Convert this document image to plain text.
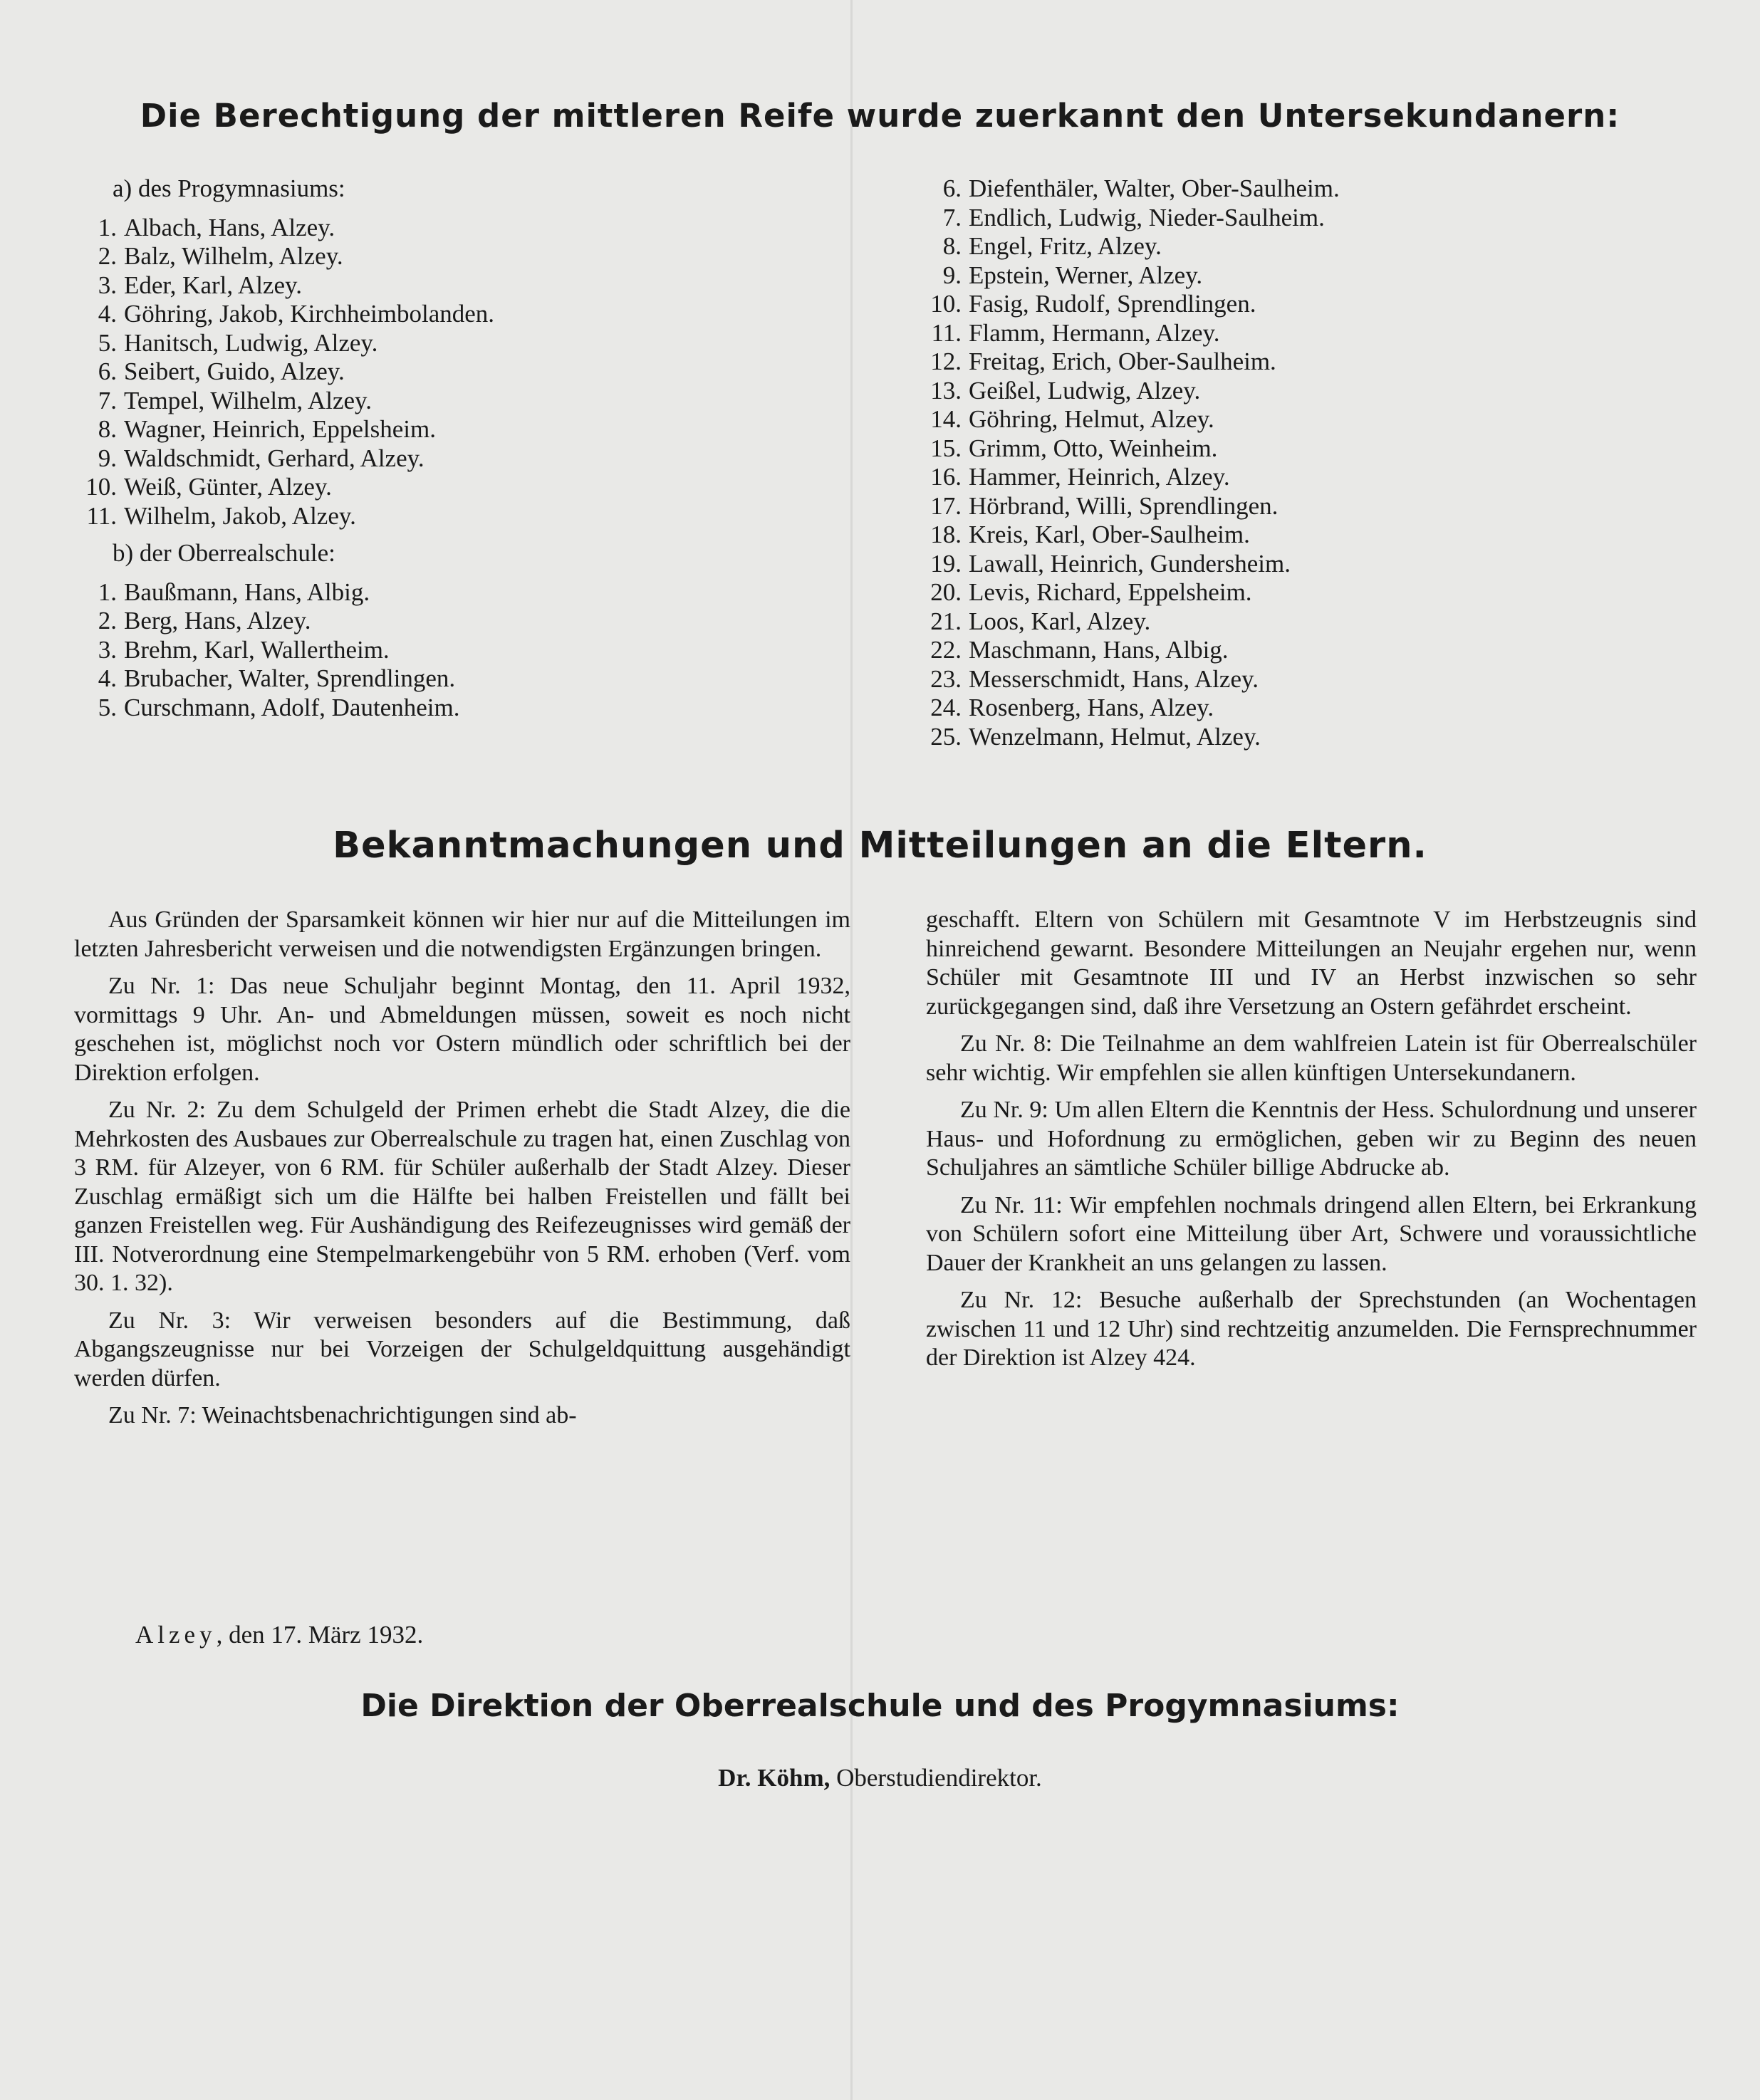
Die Berechtigung der mittleren Reife wurde zuerkannt den Untersekundanern:
a) des Progymnasiums:
1. Albach, Hans, Alzey.
2. Balz, Wilhelm, Alzey.
3. Eder, Karl, Alzey.
4. Göhring, Jakob, Kirchheimbolanden.
5. Hanitsch, Ludwig, Alzey.
6. Seibert, Guido, Alzey.
7. Tempel, Wilhelm, Alzey.
8. Wagner, Heinrich, Eppelsheim.
9. Waldschmidt, Gerhard, Alzey.
10. Weiß, Günter, Alzey.
11. Wilhelm, Jakob, Alzey.
b) der Oberrealschule:
1. Baußmann, Hans, Albig.
2. Berg, Hans, Alzey.
3. Brehm, Karl, Wallertheim.
4. Brubacher, Walter, Sprendlingen.
5. Curschmann, Adolf, Dautenheim.
6. Diefenthäler, Walter, Ober-Saulheim.
7. Endlich, Ludwig, Nieder-Saulheim.
8. Engel, Fritz, Alzey.
9. Epstein, Werner, Alzey.
10. Fasig, Rudolf, Sprendlingen.
11. Flamm, Hermann, Alzey.
12. Freitag, Erich, Ober-Saulheim.
13. Geißel, Ludwig, Alzey.
14. Göhring, Helmut, Alzey.
15. Grimm, Otto, Weinheim.
16. Hammer, Heinrich, Alzey.
17. Hörbrand, Willi, Sprendlingen.
18. Kreis, Karl, Ober-Saulheim.
19. Lawall, Heinrich, Gundersheim.
20. Levis, Richard, Eppelsheim.
21. Loos, Karl, Alzey.
22. Maschmann, Hans, Albig.
23. Messerschmidt, Hans, Alzey.
24. Rosenberg, Hans, Alzey.
25. Wenzelmann, Helmut, Alzey.
Bekanntmachungen und Mitteilungen an die Eltern.

Aus Gründen der Sparsamkeit können wir hier nur auf die Mitteilungen im letzten Jahresbericht verweisen und die notwendigsten Ergänzungen bringen.

Zu Nr. 1: Das neue Schuljahr beginnt Montag, den 11. April 1932, vormittags 9 Uhr. An- und Abmeldungen müssen, soweit es noch nicht geschehen ist, möglichst noch vor Ostern mündlich oder schriftlich bei der Direktion erfolgen.

Zu Nr. 2: Zu dem Schulgeld der Primen erhebt die Stadt Alzey, die die Mehrkosten des Ausbaues zur Oberrealschule zu tragen hat, einen Zuschlag von 3 RM. für Alzeyer, von 6 RM. für Schüler außerhalb der Stadt Alzey. Dieser Zuschlag ermäßigt sich um die Hälfte bei halben Freistellen und fällt bei ganzen Freistellen weg. Für Aushändigung des Reifezeugnisses wird gemäß der III. Notverordnung eine Stempelmarkengebühr von 5 RM. erhoben (Verf. vom 30. 1. 32).

Zu Nr. 3: Wir verweisen besonders auf die Bestimmung, daß Abgangszeugnisse nur bei Vorzeigen der Schulgeldquittung ausgehändigt werden dürfen.

Zu Nr. 7: Weinachtsbenachrichtigungen sind ab-

geschafft. Eltern von Schülern mit Gesamtnote V im Herbstzeugnis sind hinreichend gewarnt. Besondere Mitteilungen an Neujahr ergehen nur, wenn Schüler mit Gesamtnote III und IV an Herbst inzwischen so sehr zurückgegangen sind, daß ihre Versetzung an Ostern gefährdet erscheint.

Zu Nr. 8: Die Teilnahme an dem wahlfreien Latein ist für Oberrealschüler sehr wichtig. Wir empfehlen sie allen künftigen Untersekundanern.

Zu Nr. 9: Um allen Eltern die Kenntnis der Hess. Schulordnung und unserer Haus- und Hofordnung zu ermöglichen, geben wir zu Beginn des neuen Schuljahres an sämtliche Schüler billige Abdrucke ab.

Zu Nr. 11: Wir empfehlen nochmals dringend allen Eltern, bei Erkrankung von Schülern sofort eine Mitteilung über Art, Schwere und voraussichtliche Dauer der Krankheit an uns gelangen zu lassen.

Zu Nr. 12: Besuche außerhalb der Sprechstunden (an Wochentagen zwischen 11 und 12 Uhr) sind rechtzeitig anzumelden. Die Fernsprechnummer der Direktion ist Alzey 424.

Alzey, den 17. März 1932.
Die Direktion der Oberrealschule und des Progymnasiums:
Dr. Köhm, Oberstudiendirektor.
